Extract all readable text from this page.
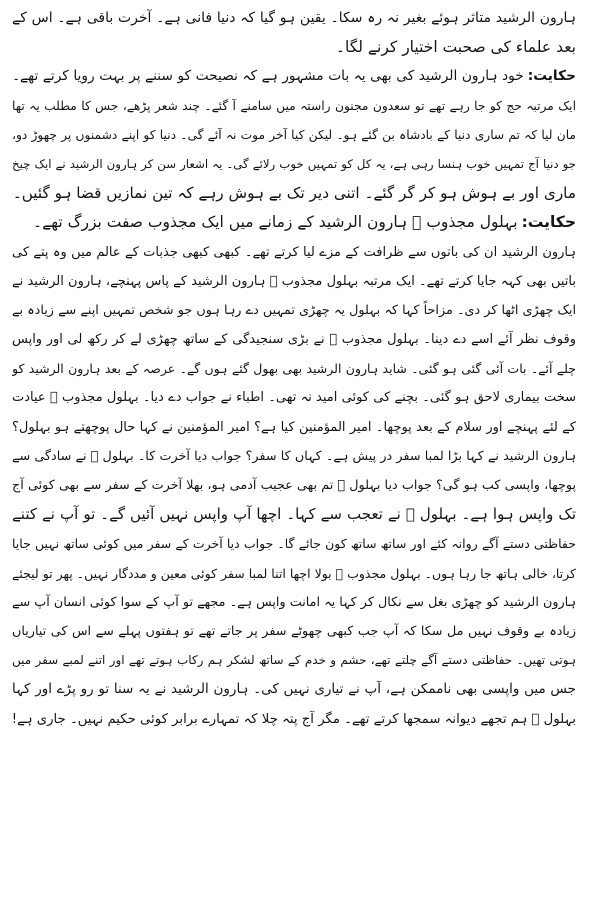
ہارون الرشید متاثر ہوئے بغیر نہ رہ سکا۔ یقین ہو گیا کہ دنیا فانی ہے۔ آخرت باقی ہے۔ اس کے
بعد علماء کی صحبت اختیار کرنے لگا۔
حکایت:خود ہارون الرشید کی بھی یہ بات مشہور ہے کہ نصیحت کو سننے پر بہت رویا کرتے تھے۔
ایک مرتبہ حج کو جا رہے تھے تو سعدون مجنون راستہ میں سامنے آ گئے۔ چند شعر پڑھے، جس کا مطلب یہ تھا
مان لیا کہ تم ساری دنیا کے بادشاہ بن گئے ہو۔ لیکن کیا آخر موت نہ آئے گی۔ دنیا کو اپنے دشمنوں پر چھوڑ دو،
جو دنیا آج تمہیں خوب ہنسا رہی ہے، یہ کل کو تمہیں خوب رلائے گی۔ یہ اشعار سن کر ہارون الرشید نے ایک چیخ
ماری اور بے ہوش ہو کر گر گئے۔ اتنی دیر تک بے ہوش رہے کہ تین نمازیں قضا ہو گئیں۔
حکایت:بہلول مجذوب ﷫ ہارون الرشید کے زمانے میں ایک مجذوب صفت بزرگ تھے۔
ہارون الرشید ان کی باتوں سے ظرافت کے مزے لیا کرتے تھے۔ کبھی کبھی جذبات کے عالم میں وہ پتے کی
باتیں بھی کہہ جایا کرتے تھے۔ ایک مرتبہ بہلول مجذوب ﷫ ہارون الرشید کے پاس پہنچے، ہارون الرشید نے
ایک چھڑی اٹھا کر دی۔ مزاحاً کہا کہ بہلول یہ چھڑی تمہیں دے رہا ہوں جو شخص تمہیں اپنے سے زیادہ بے
وقوف نظر آئے اسے دے دینا۔ بہلول مجذوب ﷫ نے بڑی سنجیدگی کے ساتھ چھڑی لے کر رکھ لی اور واپس
چلے آئے۔ بات آئی گئی ہو گئی۔ شاید ہارون الرشید بھی بھول گئے ہوں گے۔ عرصہ کے بعد ہارون الرشید کو
سخت بیماری لاحق ہو گئی۔ بچنے کی کوئی امید نہ تھی۔ اطباء نے جواب دے دیا۔ بہلول مجذوب ﷫ عیادت
کے لئے پہنچے اور سلام کے بعد پوچھا۔ امیر المؤمنین کیا ہے؟ امیر المؤمنین نے کہا حال پوچھتے ہو بہلول؟
ہارون الرشید نے کہا بڑا لمبا سفر در پیش ہے۔ کہاں کا سفر؟ جواب دیا آخرت کا۔ بہلول ﷫ نے سادگی سے
پوچھا، واپسی کب ہو گی؟ جواب دیا بہلول ﷫ تم بھی عجیب آدمی ہو، بھلا آخرت کے سفر سے بھی کوئی آج
تک واپس ہوا ہے۔ بہلول ﷫ نے تعجب سے کہا۔ اچھا آپ واپس نہیں آئیں گے۔ تو آپ نے کتنے
حفاظتی دستے آگے روانہ کئے اور ساتھ ساتھ کون جائے گا۔ جواب دیا آخرت کے سفر میں کوئی ساتھ نہیں جایا
کرتا، خالی ہاتھ جا رہا ہوں۔ بہلول مجذوب ﷫ بولا اچھا اتنا لمبا سفر کوئی معین و مددگار نہیں۔ پھر تو لیجئے
ہارون الرشید کو چھڑی بغل سے نکال کر کہا یہ امانت واپس ہے۔ مجھے تو آپ کے سوا کوئی انسان آپ سے
زیادہ بے وقوف نہیں مل سکا کہ آپ جب کبھی چھوٹے سفر پر جاتے تھے تو ہفتوں پہلے سے اس کی تیاریاں
ہوتی تھیں۔ حفاظتی دستے آگے چلتے تھے، حشم و خدم کے ساتھ لشکر ہم رکاب ہوتے تھے اور اتنے لمبے سفر میں
جس میں واپسی بھی ناممکن ہے، آپ نے تیاری نہیں کی۔ ہارون الرشید نے یہ سنا تو رو پڑے اور کہا
بہلول ﷫ ہم تجھے دیوانہ سمجھا کرتے تھے۔ مگر آج پتہ چلا کہ تمہارے برابر کوئی حکیم نہیں۔ جاری ہے!
